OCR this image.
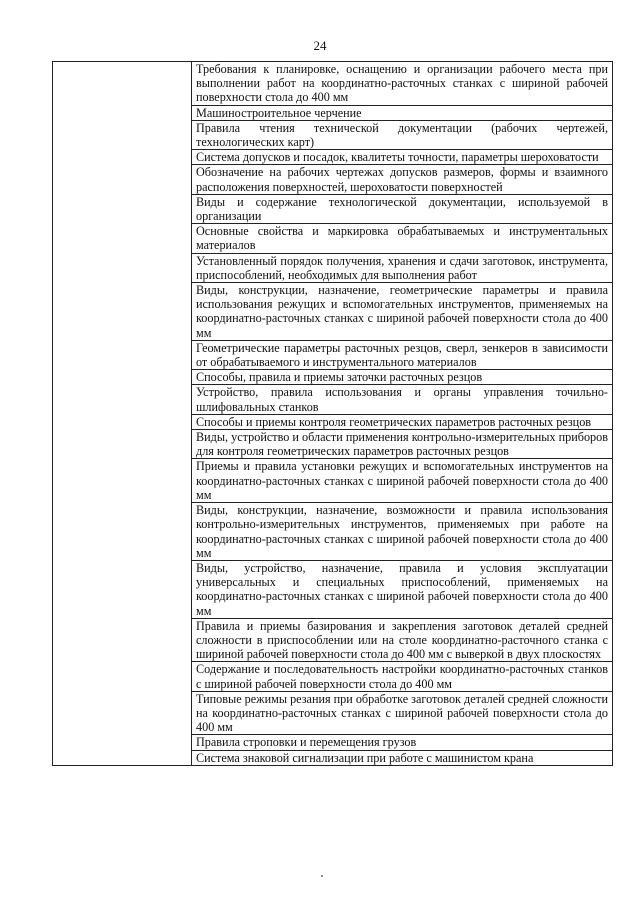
24

Требования к планировке, оснащению и организации рабочего места при выполнении работ на координатно-расточных станках с шириной рабочей поверхности стола до 400 мм

Машиностроительное черчение

Правила чтения технической документации (рабочих чертежей, технологических карт)

Система допусков и посадок, квалитеты точности, параметры шероховатости

Обозначение на рабочих чертежах допусков размеров, формы и взаимного расположения поверхностей, шероховатости поверхностей

Виды и содержание технологической документации, используемой в организации

Основные свойства и маркировка обрабатываемых и инструментальных материалов

Установленный порядок получения, хранения и сдачи заготовок, инструмента, приспособлений, необходимых для выполнения работ

Виды, конструкции, назначение, геометрические параметры и правила использования режущих и вспомогательных инструментов, применяемых на координатно-расточных станках с шириной рабочей поверхности стола до 400 мм

Геометрические параметры расточных резцов, сверл, зенкеров в зависимости от обрабатываемого и инструментального материалов

Способы, правила и приемы заточки расточных резцов

Устройство, правила использования и органы управления точильно-шлифовальных станков

Способы и приемы контроля геометрических параметров расточных резцов

Виды, устройство и области применения контрольно-измерительных приборов для контроля геометрических параметров расточных резцов

Приемы и правила установки режущих и вспомогательных инструментов на координатно-расточных станках с шириной рабочей поверхности стола до 400 мм

Виды, конструкции, назначение, возможности и правила использования контрольно-измерительных инструментов, применяемых при работе на координатно-расточных станках с шириной рабочей поверхности стола до 400 мм

Виды, устройство, назначение, правила и условия эксплуатации универсальных и специальных приспособлений, применяемых на координатно-расточных станках с шириной рабочей поверхности стола до 400 мм

Правила и приемы базирования и закрепления заготовок деталей средней сложности в приспособлении или на столе координатно-расточного станка с шириной рабочей поверхности стола до 400 мм с выверкой в двух плоскостях

Содержание и последовательность настройки координатно-расточных станков с шириной рабочей поверхности стола до 400 мм

Типовые режимы резания при обработке заготовок деталей средней сложности на координатно-расточных станках с шириной рабочей поверхности стола до 400 мм

Правила строповки и перемещения грузов

Система знаковой сигнализации при работе с машинистом крана
